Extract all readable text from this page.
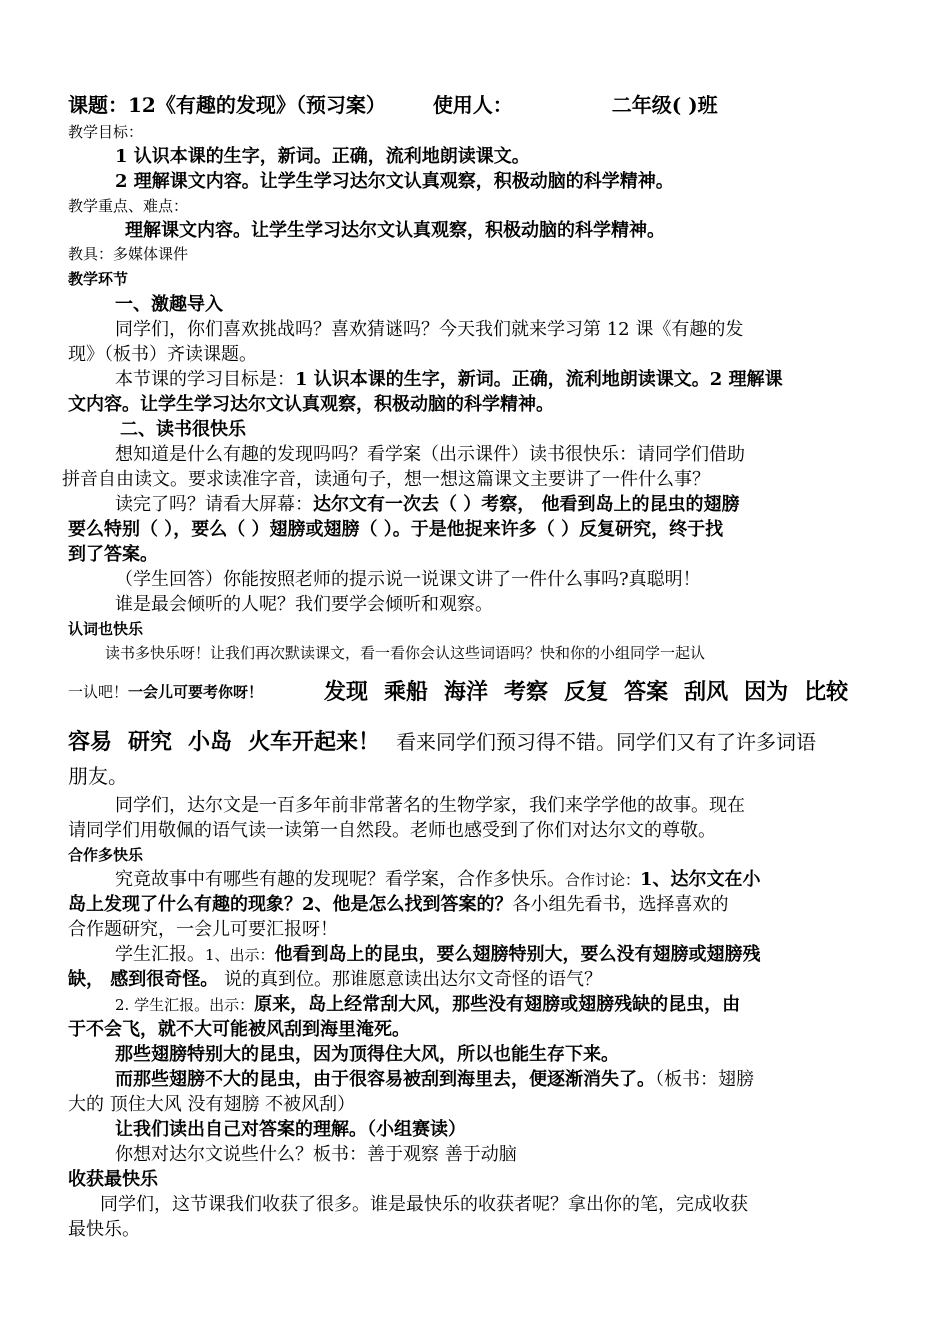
课题：12《有趣的发现》（预习案） 使用人：	二年级( )班
教学目标：
1 认识本课的生字，新词。正确，流利地朗读课文。
2 理解课文内容。让学生学习达尔文认真观察，积极动脑的科学精神。
教学重点、难点：
理解课文内容。让学生学习达尔文认真观察，积极动脑的科学精神。
教具：多媒体课件
教学环节
一、激趣导入
同学们，你们喜欢挑战吗？喜欢猜谜吗？今天我们就来学习第 12 课《有趣的发
现》（板书）齐读课题。
本节课的学习目标是：1 认识本课的生字，新词。正确，流利地朗读课文。2 理解课
文内容。让学生学习达尔文认真观察，积极动脑的科学精神。
二、读书很快乐
想知道是什么有趣的发现吗吗？看学案（出示课件）读书很快乐：请同学们借助
拼音自由读文。要求读准字音，读通句子，想一想这篇课文主要讲了一件什么事？
读完了吗？请看大屏幕：达尔文有一次去（ ）考察， 他看到岛上的昆虫的翅膀
要么特别（ ），要么（ ）翅膀或翅膀（ ）。于是他捉来许多（ ）反复研究，终于找
到了答案。
（学生回答）你能按照老师的提示说一说课文讲了一件什么事吗?真聪明！
谁是最会倾听的人呢？我们要学会倾听和观察。
认词也快乐
读书多快乐呀！让我们再次默读课文，看一看你会认这些词语吗？快和你的小组同学一起认
一认吧！一会儿可要考你呀！	发现 乘船 海洋 考察 反复 答案 刮风 因为 比较
容易 研究 小岛 火车开起来！ 看来同学们预习得不错。同学们又有了许多词语
朋友。
同学们，达尔文是一百多年前非常著名的生物学家，我们来学学他的故事。现在
请同学们用敬佩的语气读一读第一自然段。老师也感受到了你们对达尔文的尊敬。
合作多快乐
究竟故事中有哪些有趣的发现呢？看学案，合作多快乐。合作讨论：1、达尔文在小
岛上发现了什么有趣的现象？2、他是怎么找到答案的？各小组先看书，选择喜欢的
合作题研究，一会儿可要汇报呀！
学生汇报。1、出示：他看到岛上的昆虫，要么翅膀特别大，要么没有翅膀或翅膀残
缺， 感到很奇怪。 说的真到位。那谁愿意读出达尔文奇怪的语气？
2. 学生汇报。出示：原来，岛上经常刮大风，那些没有翅膀或翅膀残缺的昆虫，由
于不会飞，就不大可能被风刮到海里淹死。
那些翅膀特别大的昆虫，因为顶得住大风，所以也能生存下来。
而那些翅膀不大的昆虫，由于很容易被刮到海里去，便逐渐消失了。（板书：翅膀
大的 顶住大风 没有翅膀 不被风刮）
让我们读出自己对答案的理解。（小组赛读）
你想对达尔文说些什么？板书：善于观察 善于动脑
收获最快乐
同学们，这节课我们收获了很多。谁是最快乐的收获者呢？拿出你的笔，完成收获
最快乐。
